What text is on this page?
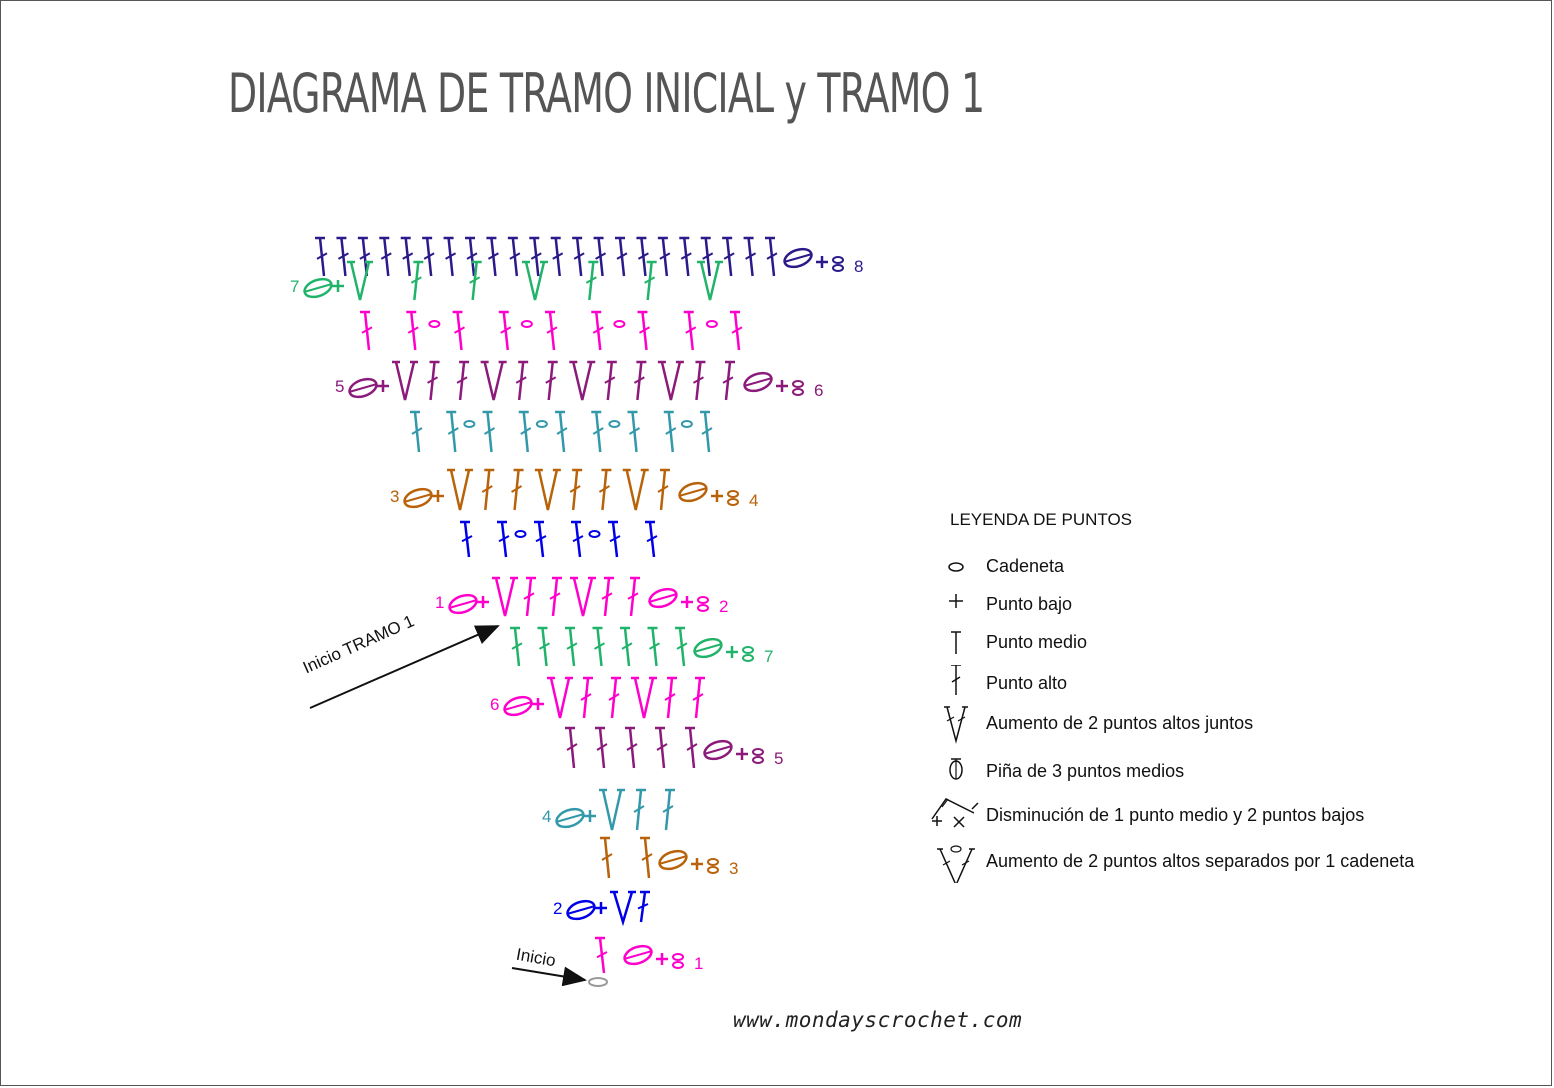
DIAGRAMA DE TRAMO INICIAL y TRAMO 1
8
7
5	6
3	4
1	2
7
6
5
4
3
2
1
Inicio
Inicio TRAMO 1
LEYENDA DE PUNTOS
Cadeneta
Punto bajo
Punto medio
Punto alto
Aumento de 2 puntos altos juntos
Piña de 3 puntos medios
Disminución de 1 punto medio y 2 puntos bajos
Aumento de 2 puntos altos separados por 1 cadeneta
www.mondayscrochet.com
